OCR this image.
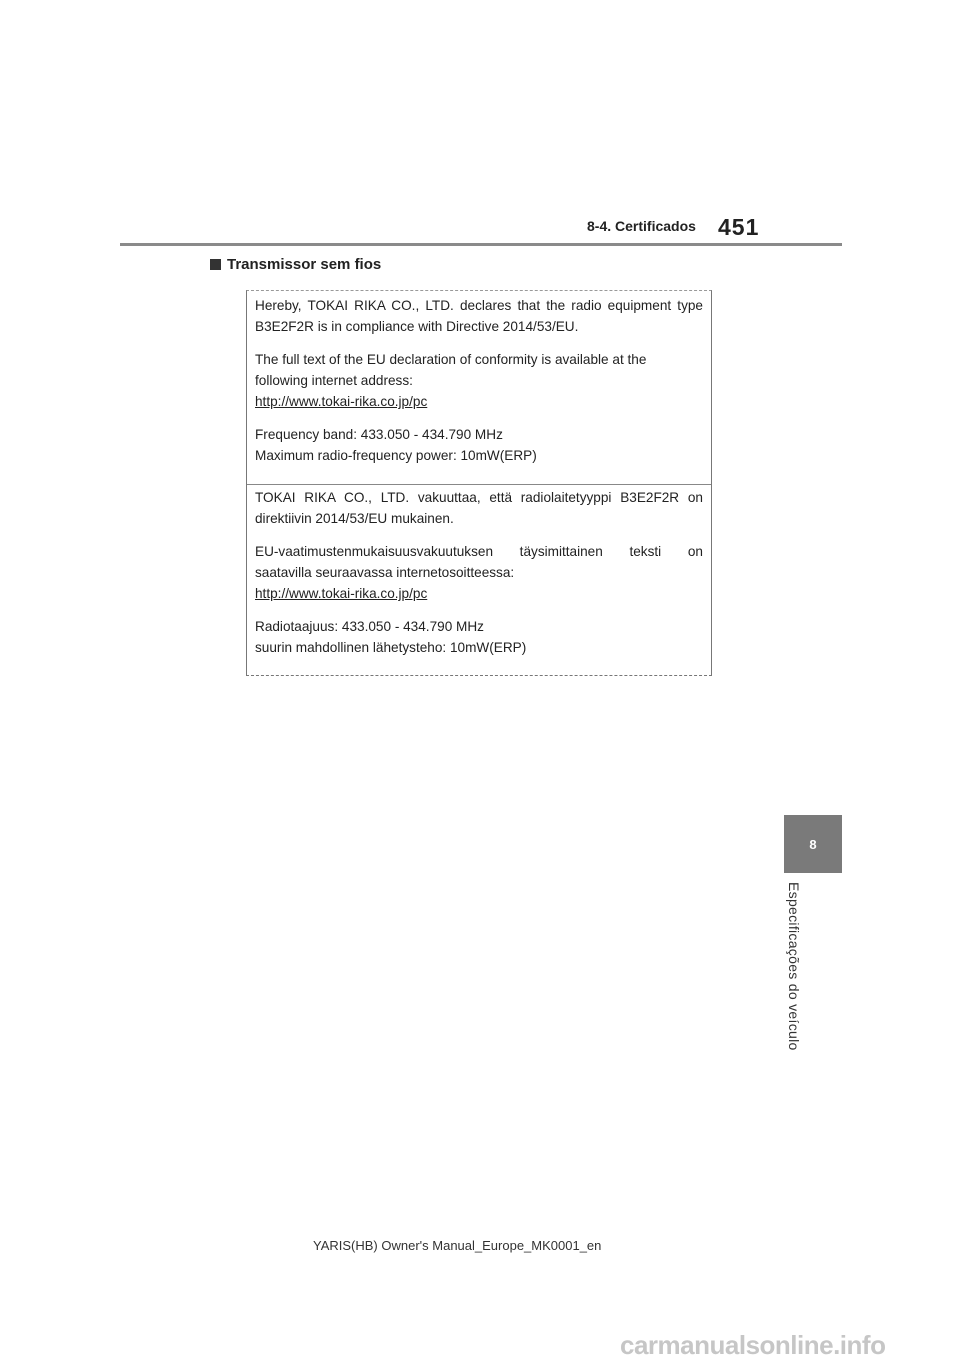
8-4. Certificados 451
Transmissor sem fios

Hereby, TOKAI RIKA CO., LTD. declares that the radio equipment type

B3E2F2R is in compliance with Directive 2014/53/EU.

The full text of the EU declaration of conformity is available at the

following internet address:

http://www.tokai-rika.co.jp/pc

Frequency band: 433.050 - 434.790 MHz

Maximum radio-frequency power: 10mW(ERP)

TOKAI RIKA CO., LTD. vakuuttaa, että radiolaitetyyppi B3E2F2R on

direktiivin 2014/53/EU mukainen.

EU-vaatimustenmukaisuusvakuutuksen täysimittainen teksti on

saatavilla seuraavassa internetosoitteessa:

http://www.tokai-rika.co.jp/pc

Radiotaajuus: 433.050 - 434.790 MHz

suurin mahdollinen lähetysteho: 10mW(ERP)

8
Especificações do veículo
YARIS(HB) Owner's Manual_Europe_MK0001_en
carmanualsonline.info
